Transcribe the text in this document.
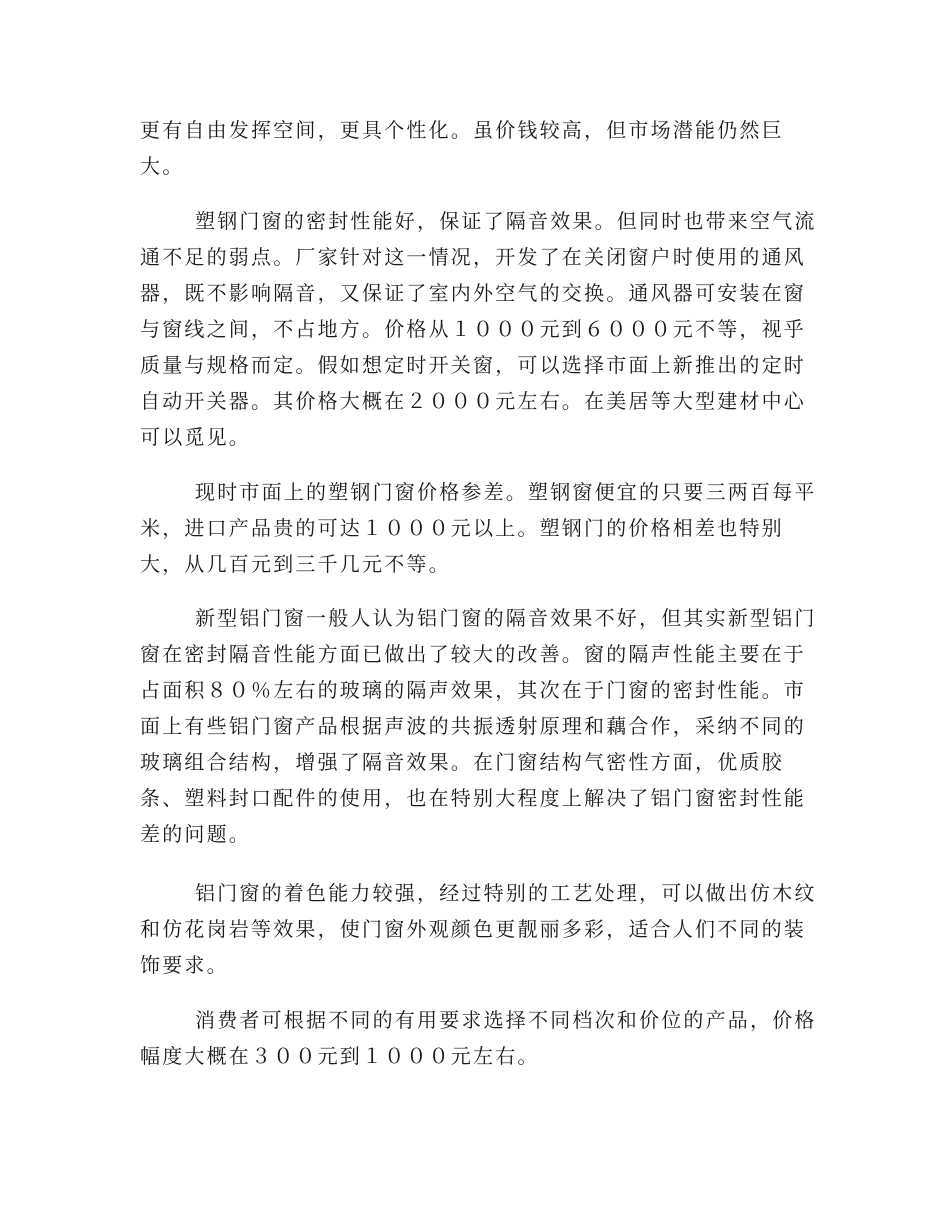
更有自由发挥空间，更具个性化。虽价钱较高，但市场潜能仍然巨
大。
塑钢门窗的密封性能好，保证了隔音效果。但同时也带来空气流
通不足的弱点。厂家针对这一情况，开发了在关闭窗户时使用的通风
器，既不影响隔音，又保证了室内外空气的交换。通风器可安装在窗
与窗线之间，不占地方。价格从１０００元到６０００元不等，视乎
质量与规格而定。假如想定时开关窗，可以选择市面上新推出的定时
自动开关器。其价格大概在２０００元左右。在美居等大型建材中心
可以觅见。
现时市面上的塑钢门窗价格参差。塑钢窗便宜的只要三两百每平
米，进口产品贵的可达１０００元以上。塑钢门的价格相差也特别
大，从几百元到三千几元不等。
新型铝门窗一般人认为铝门窗的隔音效果不好，但其实新型铝门
窗在密封隔音性能方面已做出了较大的改善。窗的隔声性能主要在于
占面积８０％左右的玻璃的隔声效果，其次在于门窗的密封性能。市
面上有些铝门窗产品根据声波的共振透射原理和藕合作，采纳不同的
玻璃组合结构，增强了隔音效果。在门窗结构气密性方面，优质胶
条、塑料封口配件的使用，也在特别大程度上解决了铝门窗密封性能
差的问题。
铝门窗的着色能力较强，经过特别的工艺处理，可以做出仿木纹
和仿花岗岩等效果，使门窗外观颜色更靓丽多彩，适合人们不同的装
饰要求。
消费者可根据不同的有用要求选择不同档次和价位的产品，价格
幅度大概在３００元到１０００元左右。
